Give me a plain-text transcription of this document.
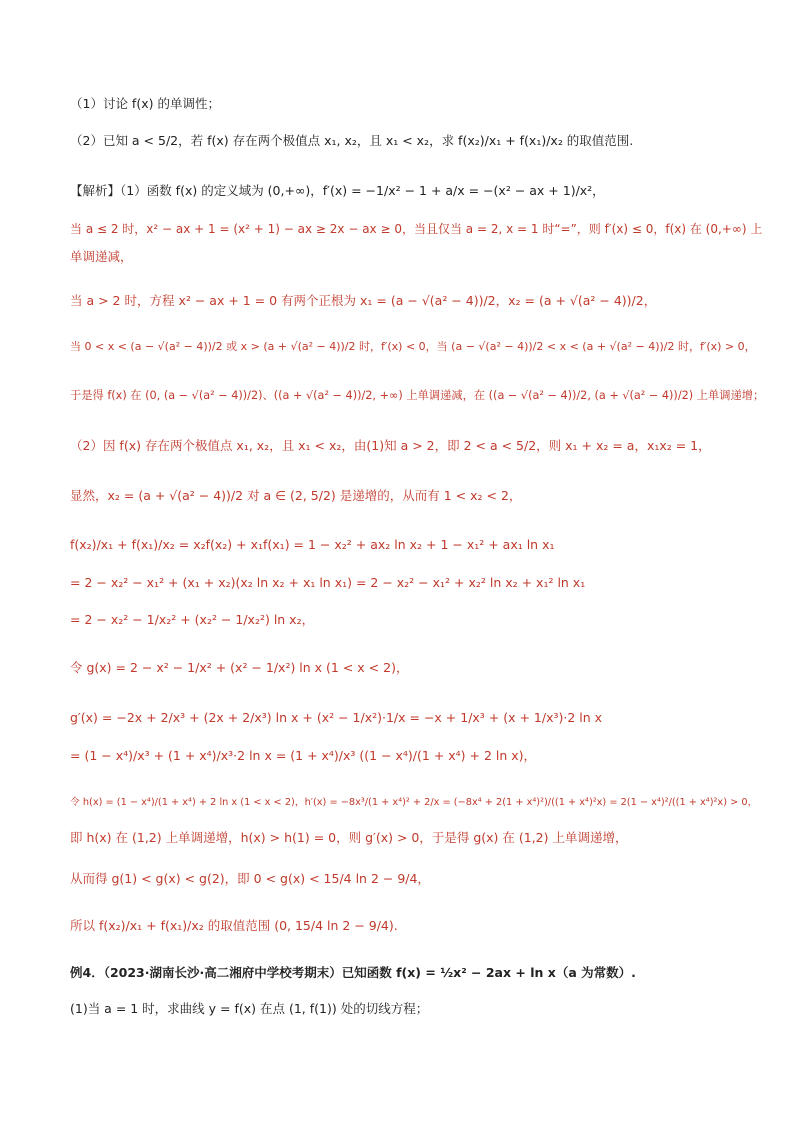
（1）讨论 f(x) 的单调性；
（2）已知 a < 5/2，若 f(x) 存在两个极值点 x₁, x₂，且 x₁ < x₂，求 f(x₂)/x₁ + f(x₁)/x₂ 的取值范围.
【解析】（1）函数 f(x) 的定义域为 (0,+∞)，f′(x) = −1/x² − 1 + a/x = −(x² − ax + 1)/x²，
当 a ≤ 2 时，x² − ax + 1 = (x² + 1) − ax ≥ 2x − ax ≥ 0，当且仅当 a = 2, x = 1 时“=”，则 f′(x) ≤ 0，f(x) 在 (0,+∞) 上
单调递减，
当 a > 2 时，方程 x² − ax + 1 = 0 有两个正根为 x₁ = (a − √(a² − 4))/2，x₂ = (a + √(a² − 4))/2，
当 0 < x < (a − √(a² − 4))/2 或 x > (a + √(a² − 4))/2 时，f′(x) < 0，当 (a − √(a² − 4))/2 < x < (a + √(a² − 4))/2 时，f′(x) > 0，
于是得 f(x) 在 (0, (a − √(a² − 4))/2)、((a + √(a² − 4))/2, +∞) 上单调递减，在 ((a − √(a² − 4))/2, (a + √(a² − 4))/2) 上单调递增；
（2）因 f(x) 存在两个极值点 x₁, x₂，且 x₁ < x₂，由(1)知 a > 2，即 2 < a < 5/2，则 x₁ + x₂ = a，x₁x₂ = 1，
显然，x₂ = (a + √(a² − 4))/2 对 a ∈ (2, 5/2) 是递增的，从而有 1 < x₂ < 2，
f(x₂)/x₁ + f(x₁)/x₂ = x₂f(x₂) + x₁f(x₁) = 1 − x₂² + ax₂ ln x₂ + 1 − x₁² + ax₁ ln x₁
= 2 − x₂² − x₁² + (x₁ + x₂)(x₂ ln x₂ + x₁ ln x₁) = 2 − x₂² − x₁² + x₂² ln x₂ + x₁² ln x₁
= 2 − x₂² − 1/x₂² + (x₂² − 1/x₂²) ln x₂，
令 g(x) = 2 − x² − 1/x² + (x² − 1/x²) ln x (1 < x < 2)，
g′(x) = −2x + 2/x³ + (2x + 2/x³) ln x + (x² − 1/x²)·1/x = −x + 1/x³ + (x + 1/x³)·2 ln x
= (1 − x⁴)/x³ + (1 + x⁴)/x³·2 ln x = (1 + x⁴)/x³ ((1 − x⁴)/(1 + x⁴) + 2 ln x)，
令 h(x) = (1 − x⁴)/(1 + x⁴) + 2 ln x (1 < x < 2)，h′(x) = −8x³/(1 + x⁴)² + 2/x = (−8x⁴ + 2(1 + x⁴)²)/((1 + x⁴)²x) = 2(1 − x⁴)²/((1 + x⁴)²x) > 0，
即 h(x) 在 (1,2) 上单调递增，h(x) > h(1) = 0，则 g′(x) > 0，于是得 g(x) 在 (1,2) 上单调递增，
从而得 g(1) < g(x) < g(2)，即 0 < g(x) < 15/4 ln 2 − 9/4，
所以 f(x₂)/x₁ + f(x₁)/x₂ 的取值范围 (0, 15/4 ln 2 − 9/4).
例4．（2023·湖南长沙·高二湘府中学校考期末）已知函数 f(x) = ½x² − 2ax + ln x（a 为常数）.
(1)当 a = 1 时，求曲线 y = f(x) 在点 (1, f(1)) 处的切线方程；
